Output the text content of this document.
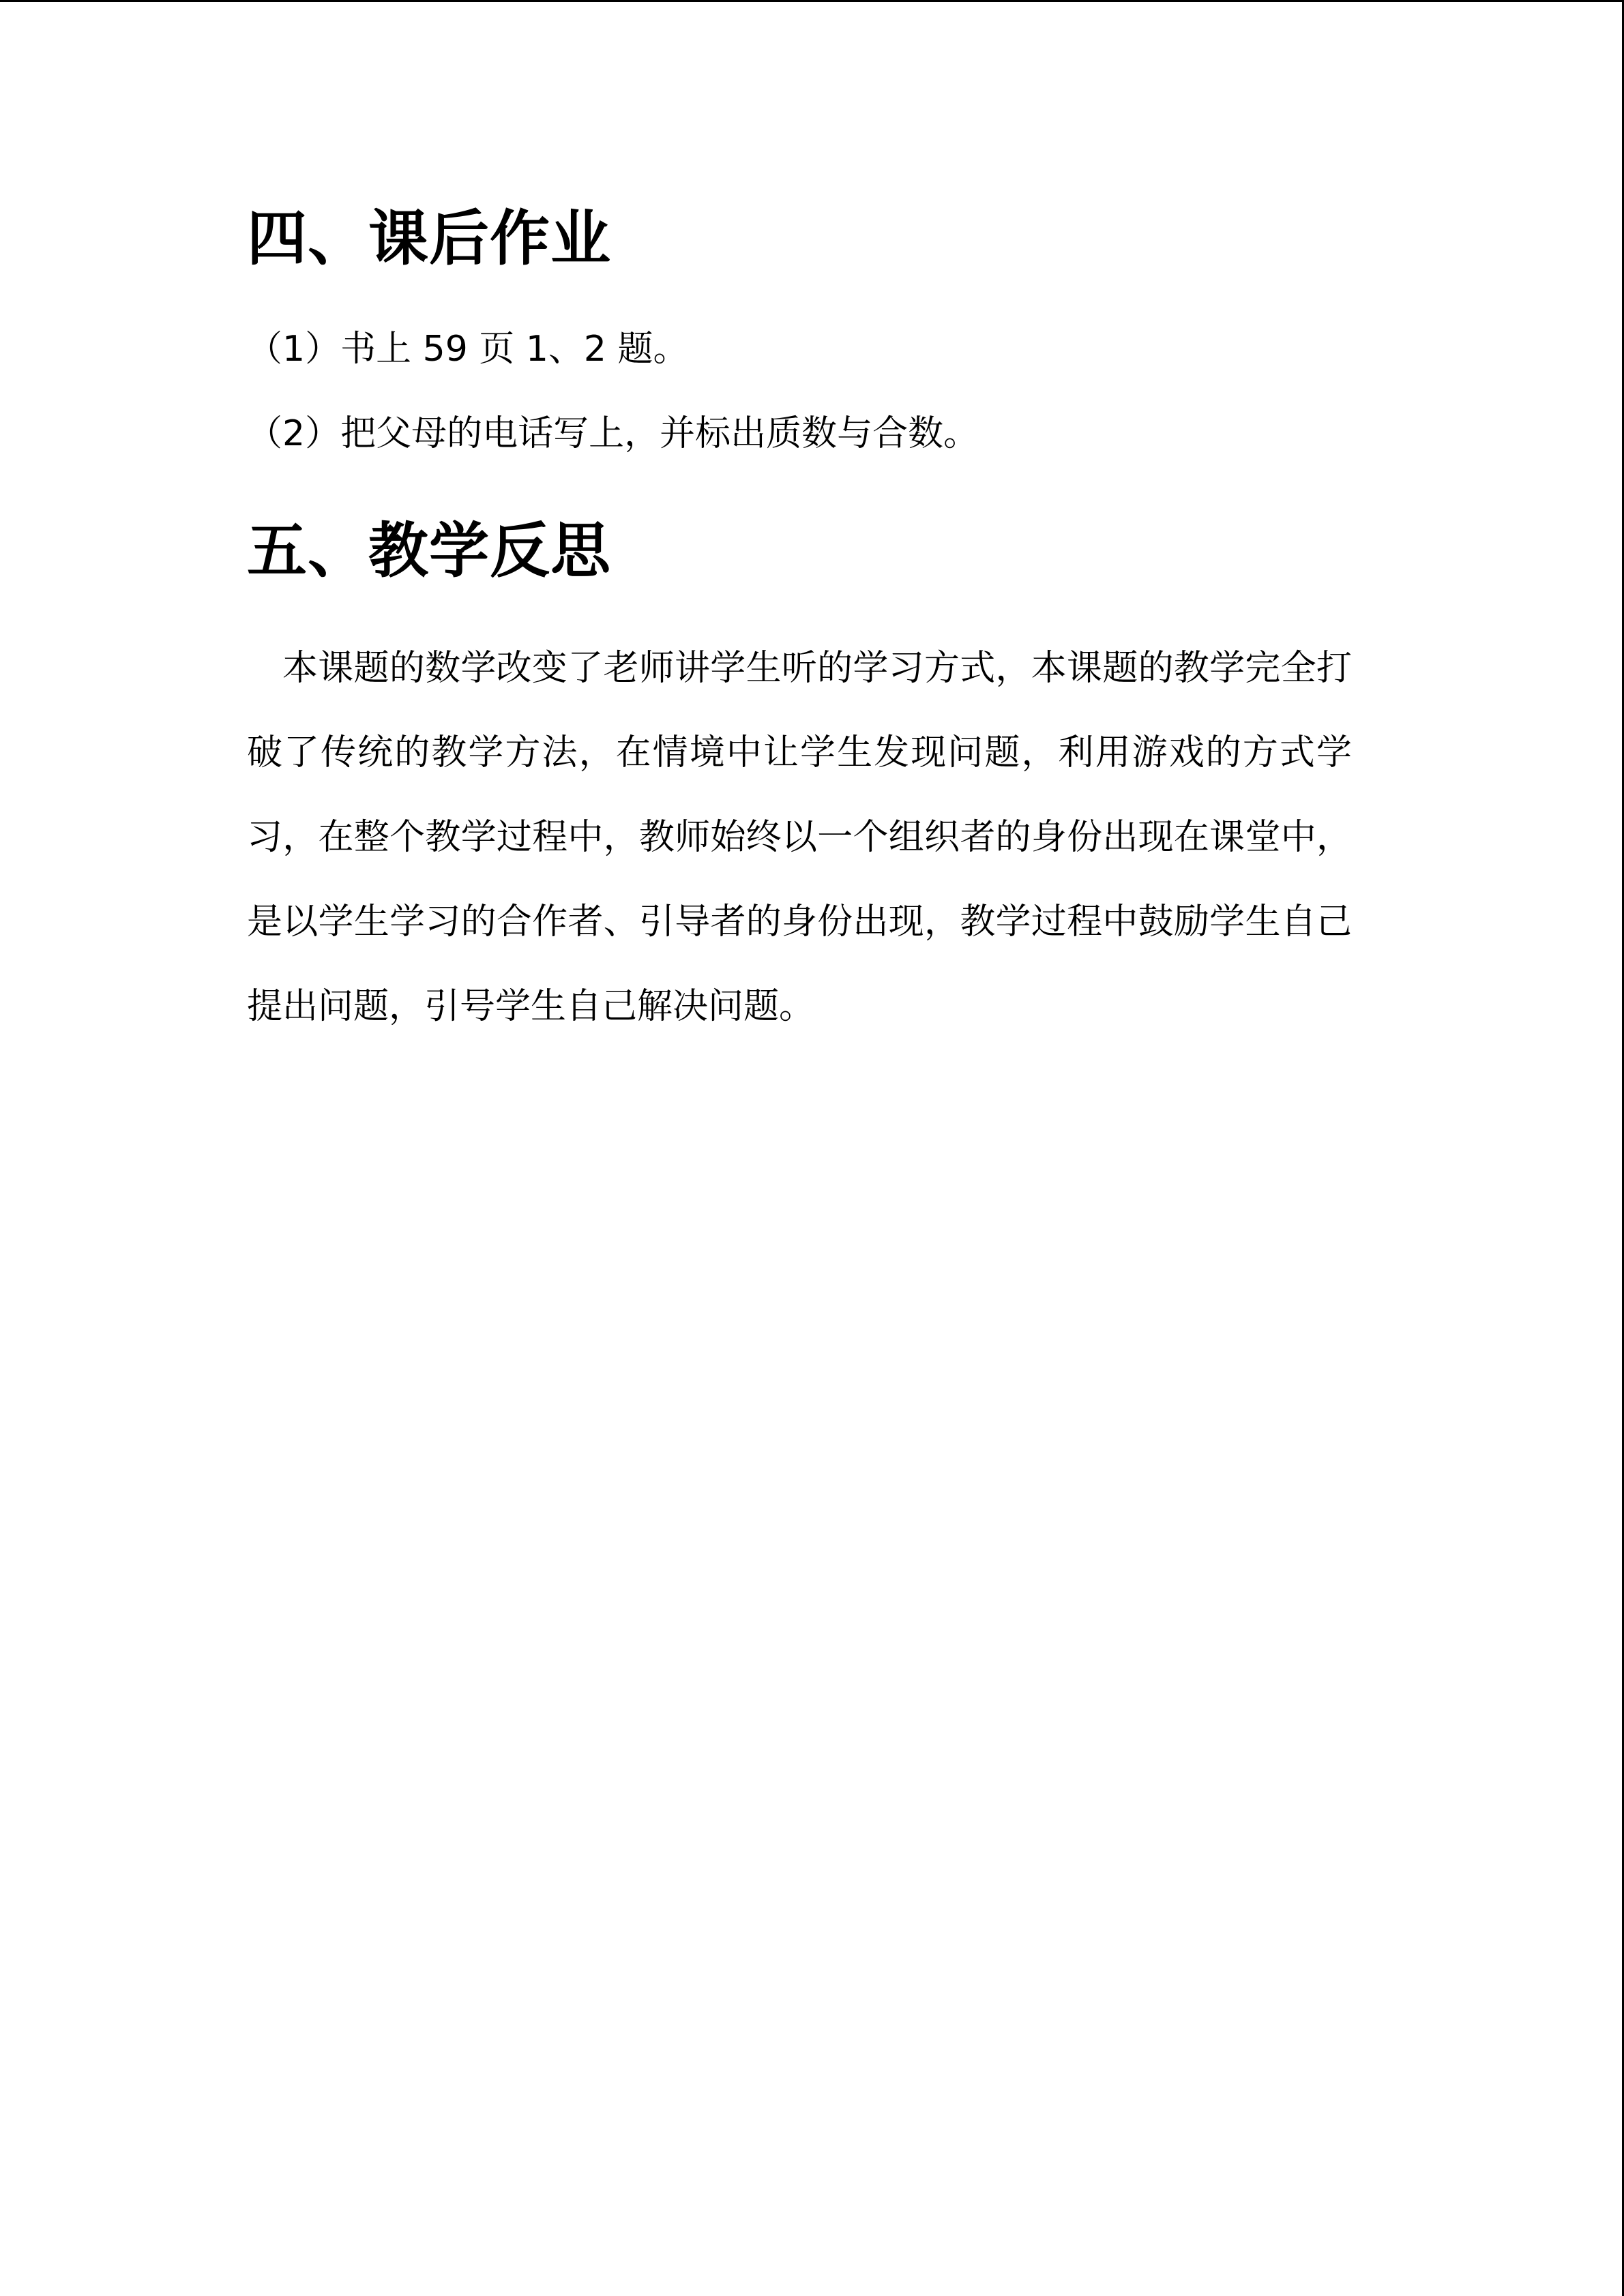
四、课后作业
（1）书上 59 页 1、2 题。
（2）把父母的电话写上，并标出质数与合数。
五、教学反思

本课题的数学改变了老师讲学生听的学习方式，本课题的教学完全打破了传统的教学方法，在情境中让学生发现问题，利用游戏的方式学习，在整个教学过程中，教师始终以一个组织者的身份出现在课堂中，是以学生学习的合作者、引导者的身份出现，教学过程中鼓励学生自己提出问题，引号学生自己解决问题。
